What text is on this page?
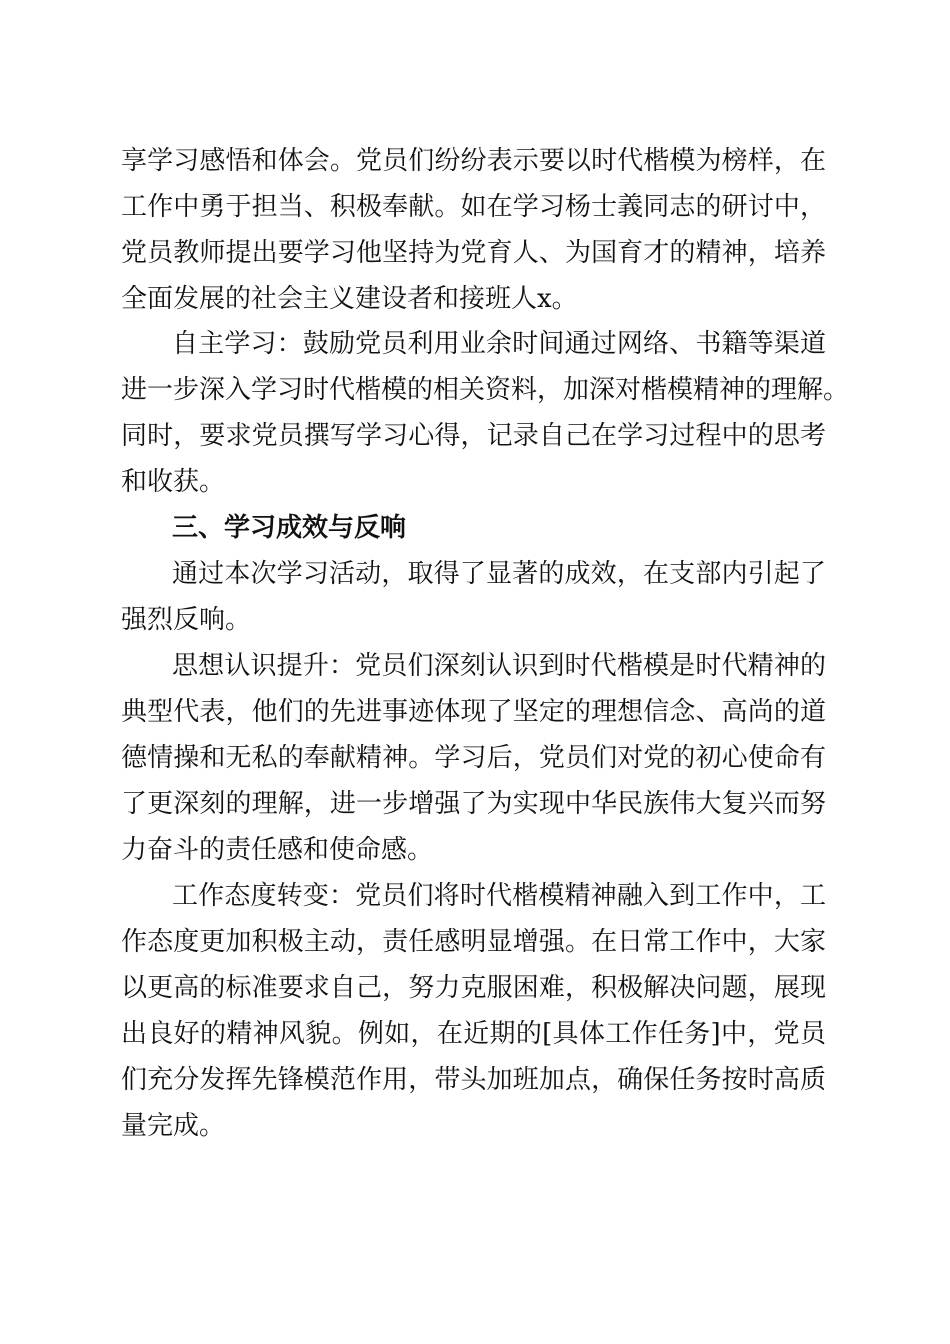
享学习感悟和体会。党员们纷纷表示要以时代楷模为榜样，在
工作中勇于担当、积极奉献。如在学习杨士義同志的研讨中，
党员教师提出要学习他坚持为党育人、为国育才的精神，培养
全面发展的社会主义建设者和接班人x。
自主学习：鼓励党员利用业余时间通过网络、书籍等渠道
进一步深入学习时代楷模的相关资料，加深对楷模精神的理解。
同时，要求党员撰写学习心得，记录自己在学习过程中的思考
和收获。
三、学习成效与反响
通过本次学习活动，取得了显著的成效，在支部内引起了
强烈反响。
思想认识提升：党员们深刻认识到时代楷模是时代精神的
典型代表，他们的先进事迹体现了坚定的理想信念、高尚的道
德情操和无私的奉献精神。学习后，党员们对党的初心使命有
了更深刻的理解，进一步增强了为实现中华民族伟大复兴而努
力奋斗的责任感和使命感。
工作态度转变：党员们将时代楷模精神融入到工作中，工
作态度更加积极主动，责任感明显增强。在日常工作中，大家
以更高的标准要求自己，努力克服困难，积极解决问题，展现
出良好的精神风貌。例如，在近期的[具体工作任务]中，党员
们充分发挥先锋模范作用，带头加班加点，确保任务按时高质
量完成。
